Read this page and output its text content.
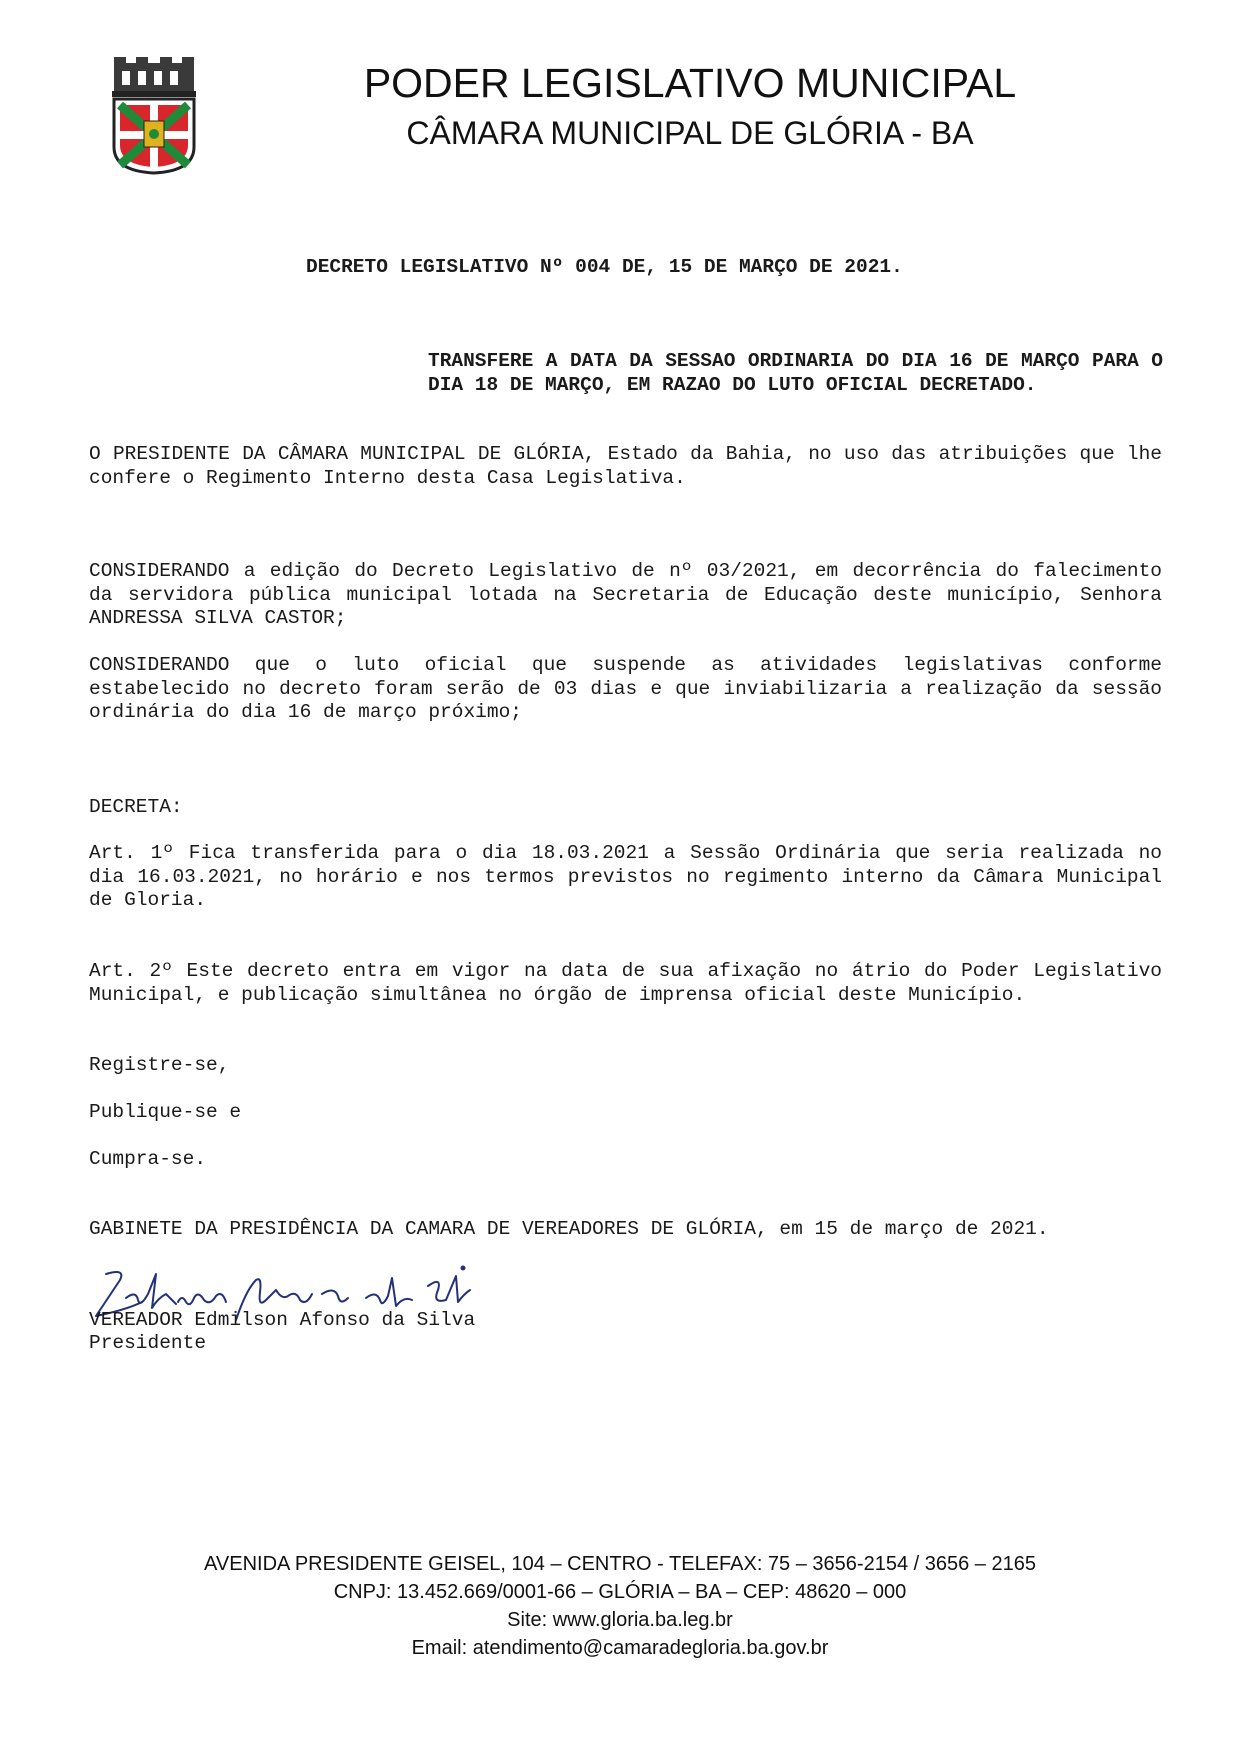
PODER LEGISLATIVO MUNICIPAL
CÂMARA MUNICIPAL DE GLÓRIA - BA
DECRETO LEGISLATIVO Nº 004 DE, 15 DE MARÇO DE 2021.
TRANSFERE A DATA DA SESSAO ORDINARIA DO DIA 16 DE MARÇO PARA O DIA 18 DE MARÇO, EM RAZAO DO LUTO OFICIAL DECRETADO.
O PRESIDENTE DA CÂMARA MUNICIPAL DE GLÓRIA, Estado da Bahia, no uso das atribuições que lhe confere o Regimento Interno desta Casa Legislativa.
CONSIDERANDO a edição do Decreto Legislativo de nº 03/2021, em decorrência do falecimento da servidora pública municipal lotada na Secretaria de Educação deste município, Senhora ANDRESSA SILVA CASTOR;
CONSIDERANDO que o luto oficial que suspende as atividades legislativas conforme estabelecido no decreto foram serão de 03 dias e que inviabilizaria a realização da sessão ordinária do dia 16 de março próximo;
DECRETA:
Art. 1º Fica transferida para o dia 18.03.2021 a Sessão Ordinária que seria realizada no dia 16.03.2021, no horário e nos termos previstos no regimento interno da Câmara Municipal de Gloria.
Art. 2º Este decreto entra em vigor na data de sua afixação no átrio do Poder Legislativo Municipal, e publicação simultânea no órgão de imprensa oficial deste Município.
Registre-se,
Publique-se e
Cumpra-se.
GABINETE DA PRESIDÊNCIA DA CAMARA DE VEREADORES DE GLÓRIA, em 15 de março de 2021.
VEREADOR Edmilson Afonso da Silva
Presidente
AVENIDA PRESIDENTE GEISEL, 104 – CENTRO - TELEFAX: 75 – 3656-2154 / 3656 – 2165
CNPJ: 13.452.669/0001-66 – GLÓRIA – BA – CEP: 48620 – 000
Site: www.gloria.ba.leg.br
Email: atendimento@camaradegloria.ba.gov.br
